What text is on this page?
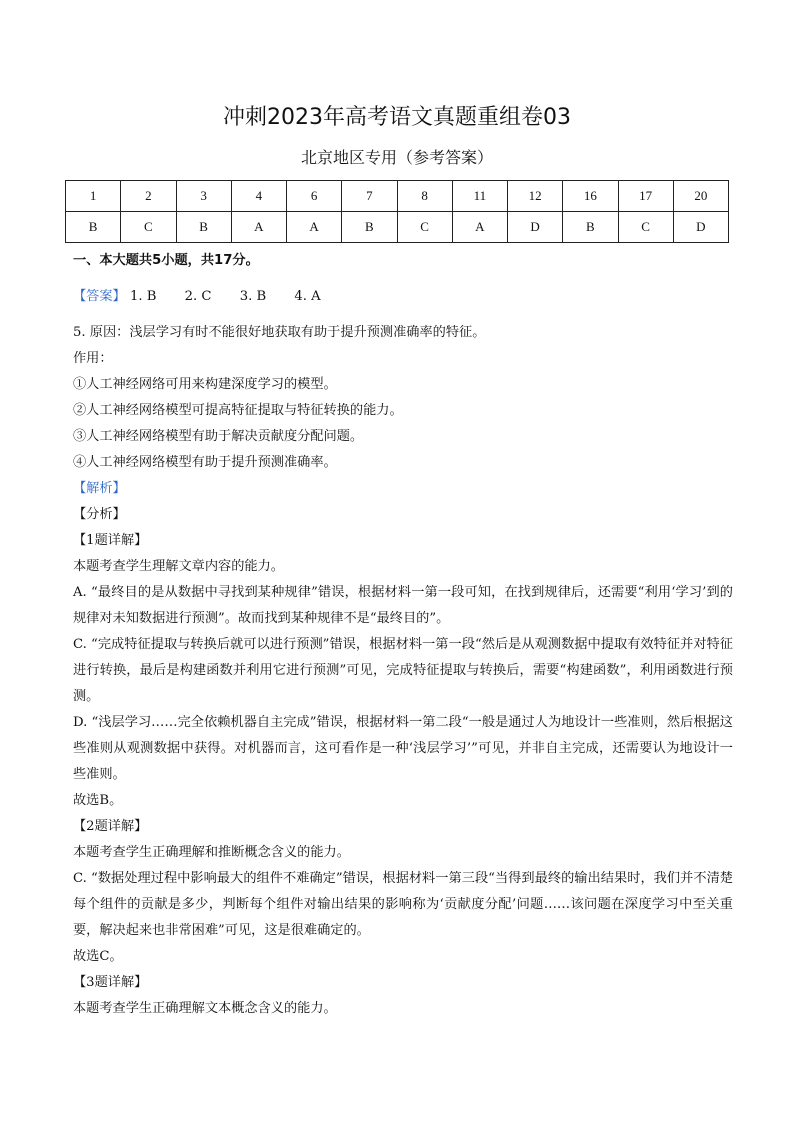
冲刺2023年高考语文真题重组卷03
北京地区专用（参考答案）
1	2	3	4	6	7	8	11	12	16	17	20
B	C	B	A	A	B	C	A	D	B	C	D

一、本大题共5小题，共17分。

【答案】 1. B 2. C 3. B 4. A

5. 原因：浅层学习有时不能很好地获取有助于提升预测准确率的特征。

作用：

①人工神经网络可用来构建深度学习的模型。

②人工神经网络模型可提高特征提取与特征转换的能力。

③人工神经网络模型有助于解决贡献度分配问题。

④人工神经网络模型有助于提升预测准确率。

【解析】

【分析】

【1题详解】

本题考查学生理解文章内容的能力。

A. “最终目的是从数据中寻找到某种规律”错误，根据材料一第一段可知，在找到规律后，还需要“利用‘学习’到的规律对未知数据进行预测”。故而找到某种规律不是“最终目的”。

C. “完成特征提取与转换后就可以进行预测”错误，根据材料一第一段“然后是从观测数据中提取有效特征并对特征进行转换，最后是构建函数并利用它进行预测”可见，完成特征提取与转换后，需要“构建函数”，利用函数进行预测。

D. “浅层学习……完全依赖机器自主完成”错误，根据材料一第二段“一般是通过人为地设计一些准则，然后根据这些准则从观测数据中获得。对机器而言，这可看作是一种‘浅层学习’”可见，并非自主完成，还需要认为地设计一些准则。

故选B。

【2题详解】

本题考查学生正确理解和推断概念含义的能力。

C. “数据处理过程中影响最大的组件不难确定”错误，根据材料一第三段“当得到最终的输出结果时，我们并不清楚每个组件的贡献是多少，判断每个组件对输出结果的影响称为‘贡献度分配’问题……该问题在深度学习中至关重要，解决起来也非常困难”可见，这是很难确定的。

故选C。

【3题详解】

本题考查学生正确理解文本概念含义的能力。
